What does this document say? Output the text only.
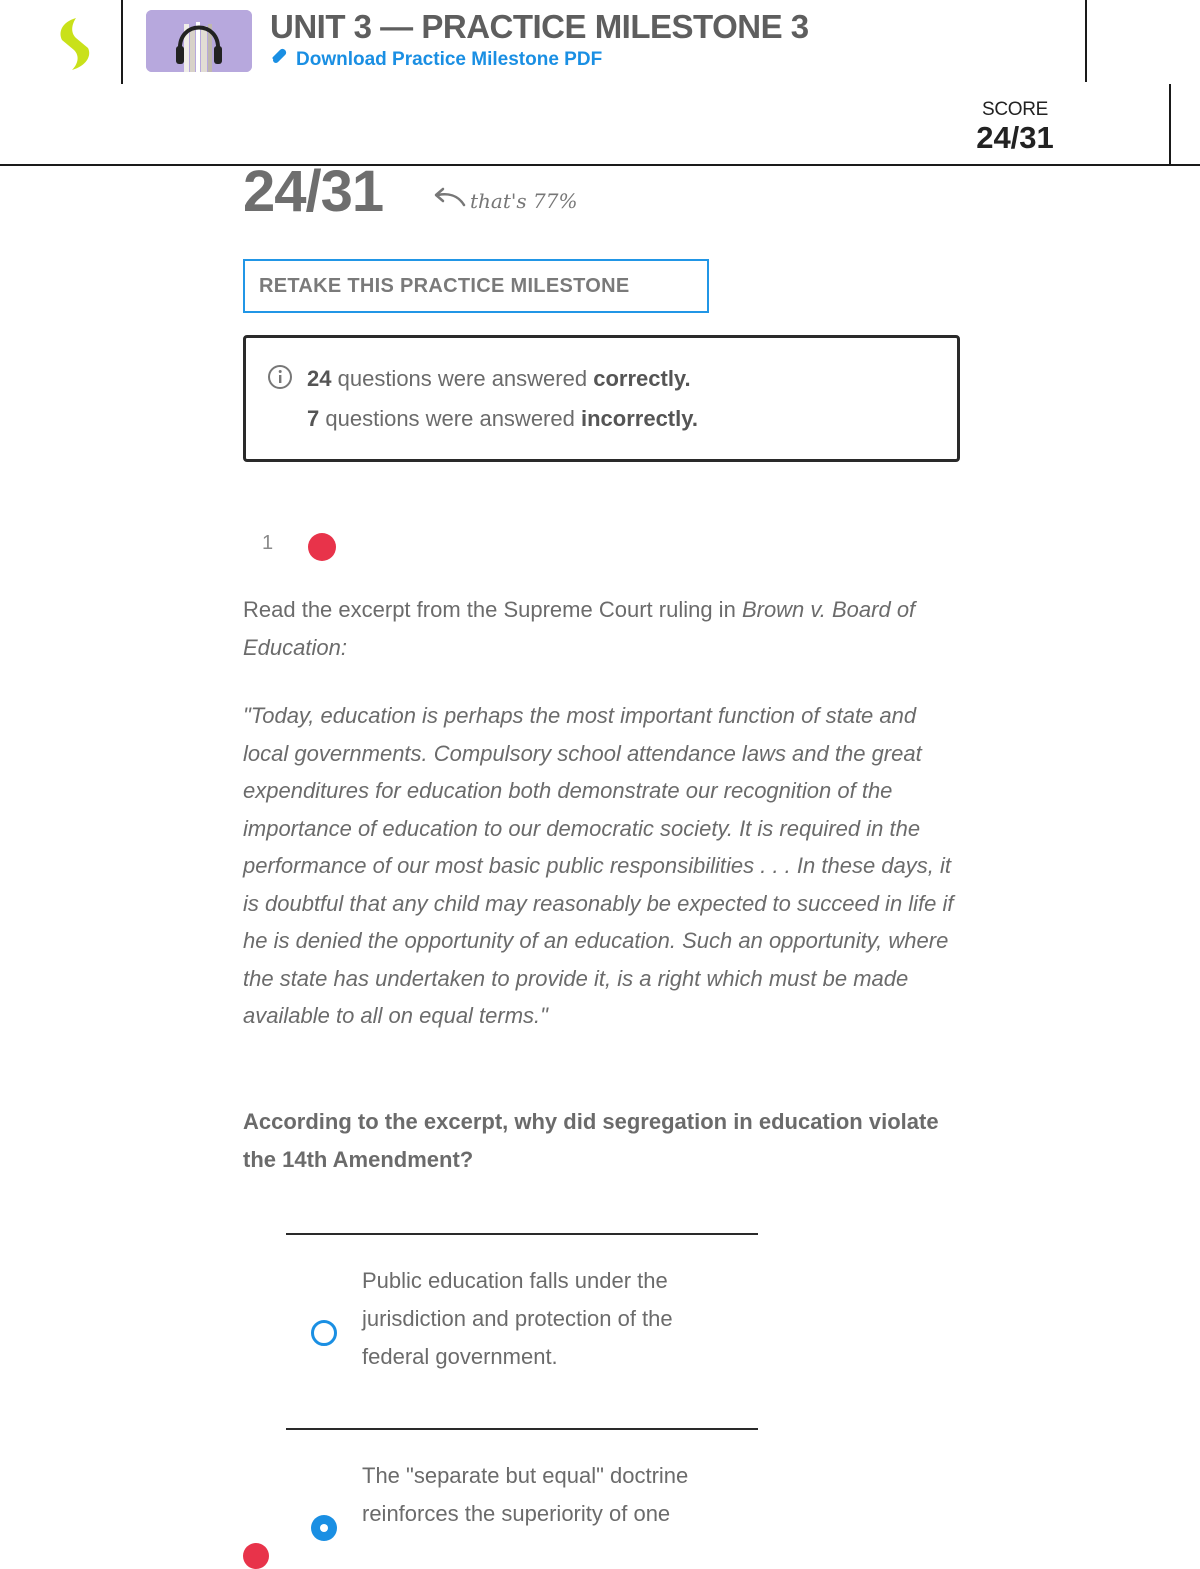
UNIT 3 — PRACTICE MILESTONE 3
Download Practice Milestone PDF
SCORE
24/31
24/31	that's 77%
RETAKE THIS PRACTICE MILESTONE
24 questions were answered correctly.
7 questions were answered incorrectly.
1
Read the excerpt from the Supreme Court ruling in Brown v. Board of Education:
"Today, education is perhaps the most important function of state and local governments. Compulsory school attendance laws and the great expenditures for education both demonstrate our recognition of the importance of education to our democratic society. It is required in the performance of our most basic public responsibilities . . . In these days, it is doubtful that any child may reasonably be expected to succeed in life if he is denied the opportunity of an education. Such an opportunity, where the state has undertaken to provide it, is a right which must be made available to all on equal terms."
According to the excerpt, why did segregation in education violate the 14th Amendment?
Public education falls under the jurisdiction and protection of the federal government.
The "separate but equal" doctrine reinforces the superiority of one
